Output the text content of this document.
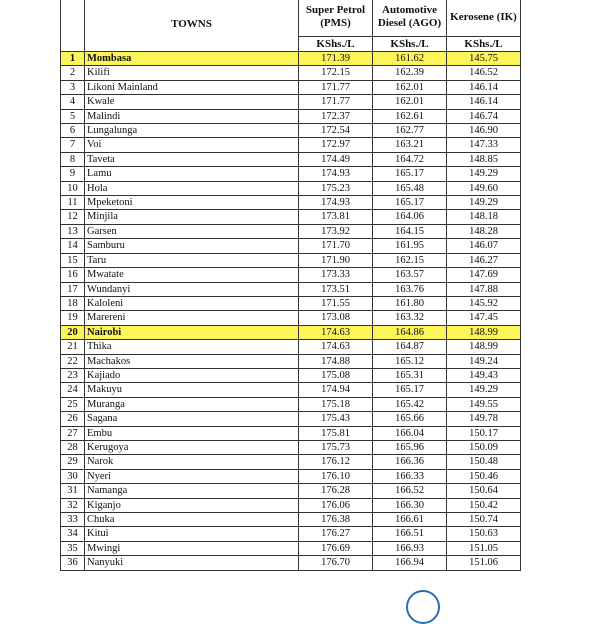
	TOWNS	Super Petrol (PMS)	Automotive Diesel (AGO)	Kerosene (IK)
		KShs./L	KShs./L	KShs./L
1	Mombasa	171.39	161.62	145.75
2	Kilifi	172.15	162.39	146.52
3	Likoni Mainland	171.77	162.01	146.14
4	Kwale	171.77	162.01	146.14
5	Malindi	172.37	162.61	146.74
6	Lungalunga	172.54	162.77	146.90
7	Voi	172.97	163.21	147.33
8	Taveta	174.49	164.72	148.85
9	Lamu	174.93	165.17	149.29
10	Hola	175.23	165.48	149.60
11	Mpeketoni	174.93	165.17	149.29
12	Minjila	173.81	164.06	148.18
13	Garsen	173.92	164.15	148.28
14	Samburu	171.70	161.95	146.07
15	Taru	171.90	162.15	146.27
16	Mwatate	173.33	163.57	147.69
17	Wundanyi	173.51	163.76	147.88
18	Kaloleni	171.55	161.80	145.92
19	Marereni	173.08	163.32	147.45
20	Nairobi	174.63	164.86	148.99
21	Thika	174.63	164.87	148.99
22	Machakos	174.88	165.12	149.24
23	Kajiado	175.08	165.31	149.43
24	Makuyu	174.94	165.17	149.29
25	Muranga	175.18	165.42	149.55
26	Sagana	175.43	165.66	149.78
27	Embu	175.81	166.04	150.17
28	Kerugoya	175.73	165.96	150.09
29	Narok	176.12	166.36	150.48
30	Nyeri	176.10	166.33	150.46
31	Namanga	176.28	166.52	150.64
32	Kiganjo	176.06	166.30	150.42
33	Chuka	176.38	166.61	150.74
34	Kitui	176.27	166.51	150.63
35	Mwingi	176.69	166.93	151.05
36	Nanyuki	176.70	166.94	151.06
